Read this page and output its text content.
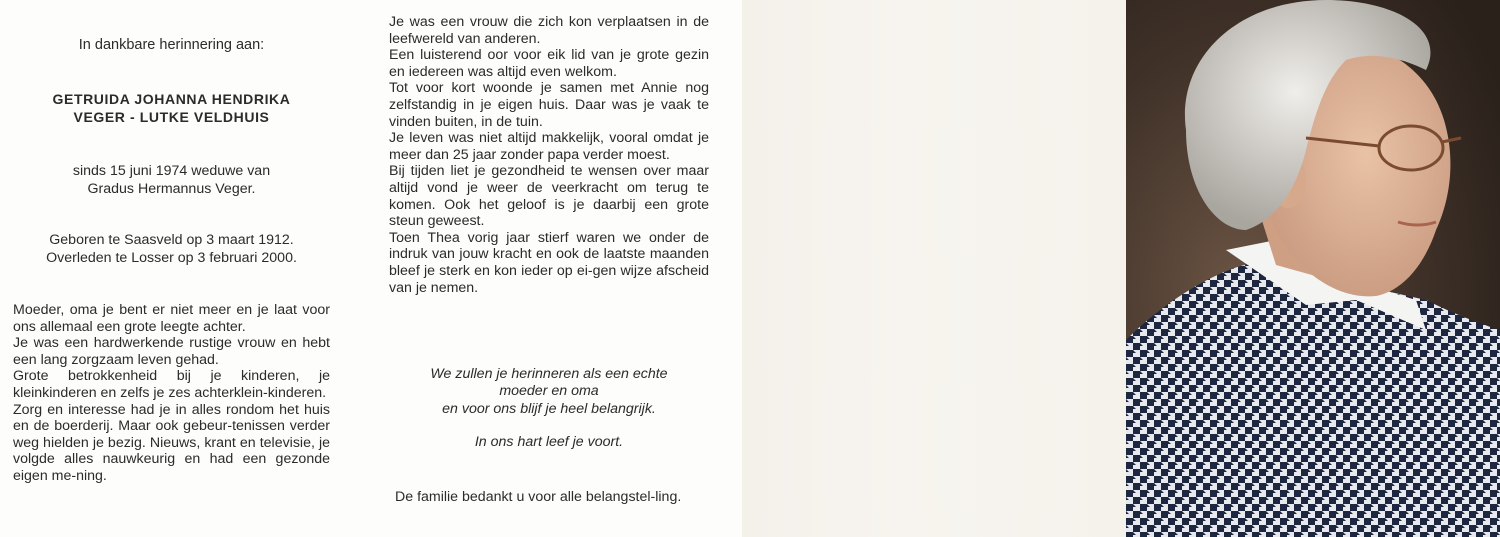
In dankbare herinnering aan:
GETRUIDA JOHANNA HENDRIKA
VEGER - LUTKE VELDHUIS
sinds 15 juni 1974 weduwe van
Gradus Hermannus Veger.
Geboren te Saasveld op 3 maart 1912.
Overleden te Losser op 3 februari 2000.

Moeder, oma je bent er niet meer en je laat voor ons allemaal een grote leegte achter.

Je was een hardwerkende rustige vrouw en hebt een lang zorgzaam leven gehad.

Grote betrokkenheid bij je kinderen, je kleinkinderen en zelfs je zes achterklein-kinderen.

Zorg en interesse had je in alles rondom het huis en de boerderij. Maar ook gebeur-tenissen verder weg hielden je bezig. Nieuws, krant en televisie, je volgde alles nauwkeurig en had een gezonde eigen me-ning.

Je was een vrouw die zich kon verplaatsen in de leefwereld van anderen.

Een luisterend oor voor eik lid van je grote gezin en iedereen was altijd even welkom.

Tot voor kort woonde je samen met Annie nog zelfstandig in je eigen huis. Daar was je vaak te vinden buiten, in de tuin.

Je leven was niet altijd makkelijk, vooral omdat je meer dan 25 jaar zonder papa verder moest.

Bij tijden liet je gezondheid te wensen over maar altijd vond je weer de veerkracht om terug te komen. Ook het geloof is je daarbij een grote steun geweest.

Toen Thea vorig jaar stierf waren we onder de indruk van jouw kracht en ook de laatste maanden bleef je sterk en kon ieder op ei-gen wijze afscheid van je nemen.

We zullen je herinneren als een echte
moeder en oma
en voor ons blijf je heel belangrijk.
In ons hart leef je voort.
De familie bedankt u voor alle belangstel-ling.
